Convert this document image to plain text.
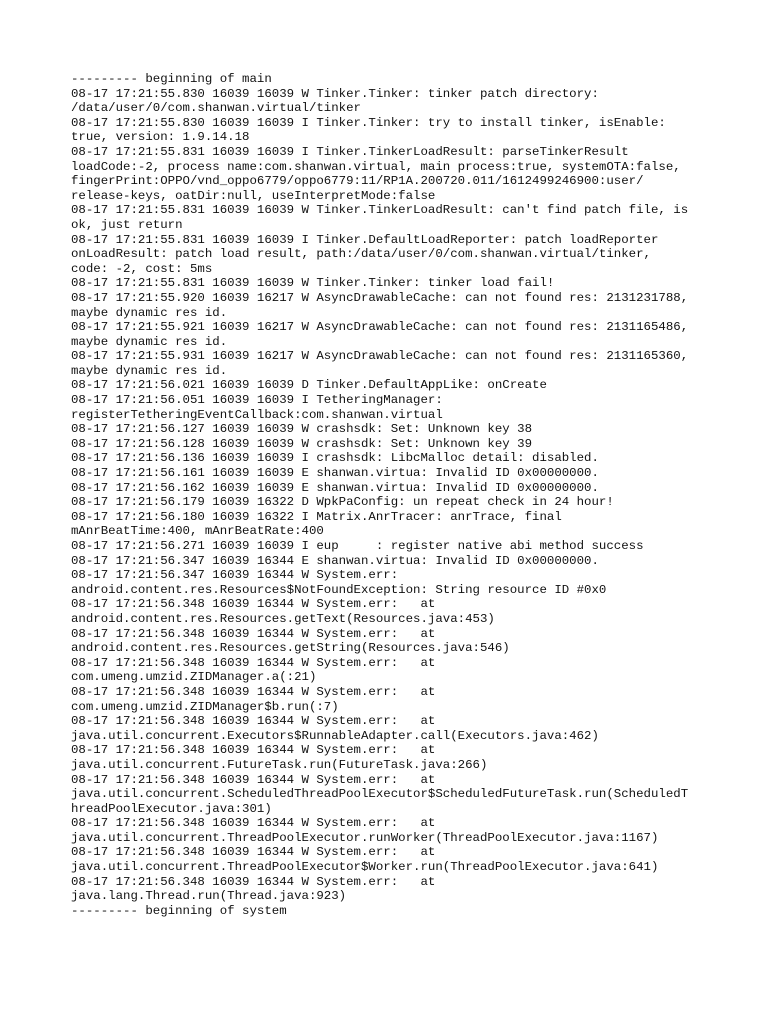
--------- beginning of main
08-17 17:21:55.830 16039 16039 W Tinker.Tinker: tinker patch directory:
/data/user/0/com.shanwan.virtual/tinker
08-17 17:21:55.830 16039 16039 I Tinker.Tinker: try to install tinker, isEnable:
true, version: 1.9.14.18
08-17 17:21:55.831 16039 16039 I Tinker.TinkerLoadResult: parseTinkerResult
loadCode:-2, process name:com.shanwan.virtual, main process:true, systemOTA:false,
fingerPrint:OPPO/vnd_oppo6779/oppo6779:11/RP1A.200720.011/1612499246900:user/
release-keys, oatDir:null, useInterpretMode:false
08-17 17:21:55.831 16039 16039 W Tinker.TinkerLoadResult: can't find patch file, is
ok, just return
08-17 17:21:55.831 16039 16039 I Tinker.DefaultLoadReporter: patch loadReporter
onLoadResult: patch load result, path:/data/user/0/com.shanwan.virtual/tinker,
code: -2, cost: 5ms
08-17 17:21:55.831 16039 16039 W Tinker.Tinker: tinker load fail!
08-17 17:21:55.920 16039 16217 W AsyncDrawableCache: can not found res: 2131231788,
maybe dynamic res id.
08-17 17:21:55.921 16039 16217 W AsyncDrawableCache: can not found res: 2131165486,
maybe dynamic res id.
08-17 17:21:55.931 16039 16217 W AsyncDrawableCache: can not found res: 2131165360,
maybe dynamic res id.
08-17 17:21:56.021 16039 16039 D Tinker.DefaultAppLike: onCreate
08-17 17:21:56.051 16039 16039 I TetheringManager:
registerTetheringEventCallback:com.shanwan.virtual
08-17 17:21:56.127 16039 16039 W crashsdk: Set: Unknown key 38
08-17 17:21:56.128 16039 16039 W crashsdk: Set: Unknown key 39
08-17 17:21:56.136 16039 16039 I crashsdk: LibcMalloc detail: disabled.
08-17 17:21:56.161 16039 16039 E shanwan.virtua: Invalid ID 0x00000000.
08-17 17:21:56.162 16039 16039 E shanwan.virtua: Invalid ID 0x00000000.
08-17 17:21:56.179 16039 16322 D WpkPaConfig: un repeat check in 24 hour!
08-17 17:21:56.180 16039 16322 I Matrix.AnrTracer: anrTrace, final
mAnrBeatTime:400, mAnrBeatRate:400
08-17 17:21:56.271 16039 16039 I eup     : register native abi method success
08-17 17:21:56.347 16039 16344 E shanwan.virtua: Invalid ID 0x00000000.
08-17 17:21:56.347 16039 16344 W System.err:
android.content.res.Resources$NotFoundException: String resource ID #0x0
08-17 17:21:56.348 16039 16344 W System.err:   at
android.content.res.Resources.getText(Resources.java:453)
08-17 17:21:56.348 16039 16344 W System.err:   at
android.content.res.Resources.getString(Resources.java:546)
08-17 17:21:56.348 16039 16344 W System.err:   at
com.umeng.umzid.ZIDManager.a(:21)
08-17 17:21:56.348 16039 16344 W System.err:   at
com.umeng.umzid.ZIDManager$b.run(:7)
08-17 17:21:56.348 16039 16344 W System.err:   at
java.util.concurrent.Executors$RunnableAdapter.call(Executors.java:462)
08-17 17:21:56.348 16039 16344 W System.err:   at
java.util.concurrent.FutureTask.run(FutureTask.java:266)
08-17 17:21:56.348 16039 16344 W System.err:   at
java.util.concurrent.ScheduledThreadPoolExecutor$ScheduledFutureTask.run(ScheduledT
hreadPoolExecutor.java:301)
08-17 17:21:56.348 16039 16344 W System.err:   at
java.util.concurrent.ThreadPoolExecutor.runWorker(ThreadPoolExecutor.java:1167)
08-17 17:21:56.348 16039 16344 W System.err:   at
java.util.concurrent.ThreadPoolExecutor$Worker.run(ThreadPoolExecutor.java:641)
08-17 17:21:56.348 16039 16344 W System.err:   at
java.lang.Thread.run(Thread.java:923)
--------- beginning of system
